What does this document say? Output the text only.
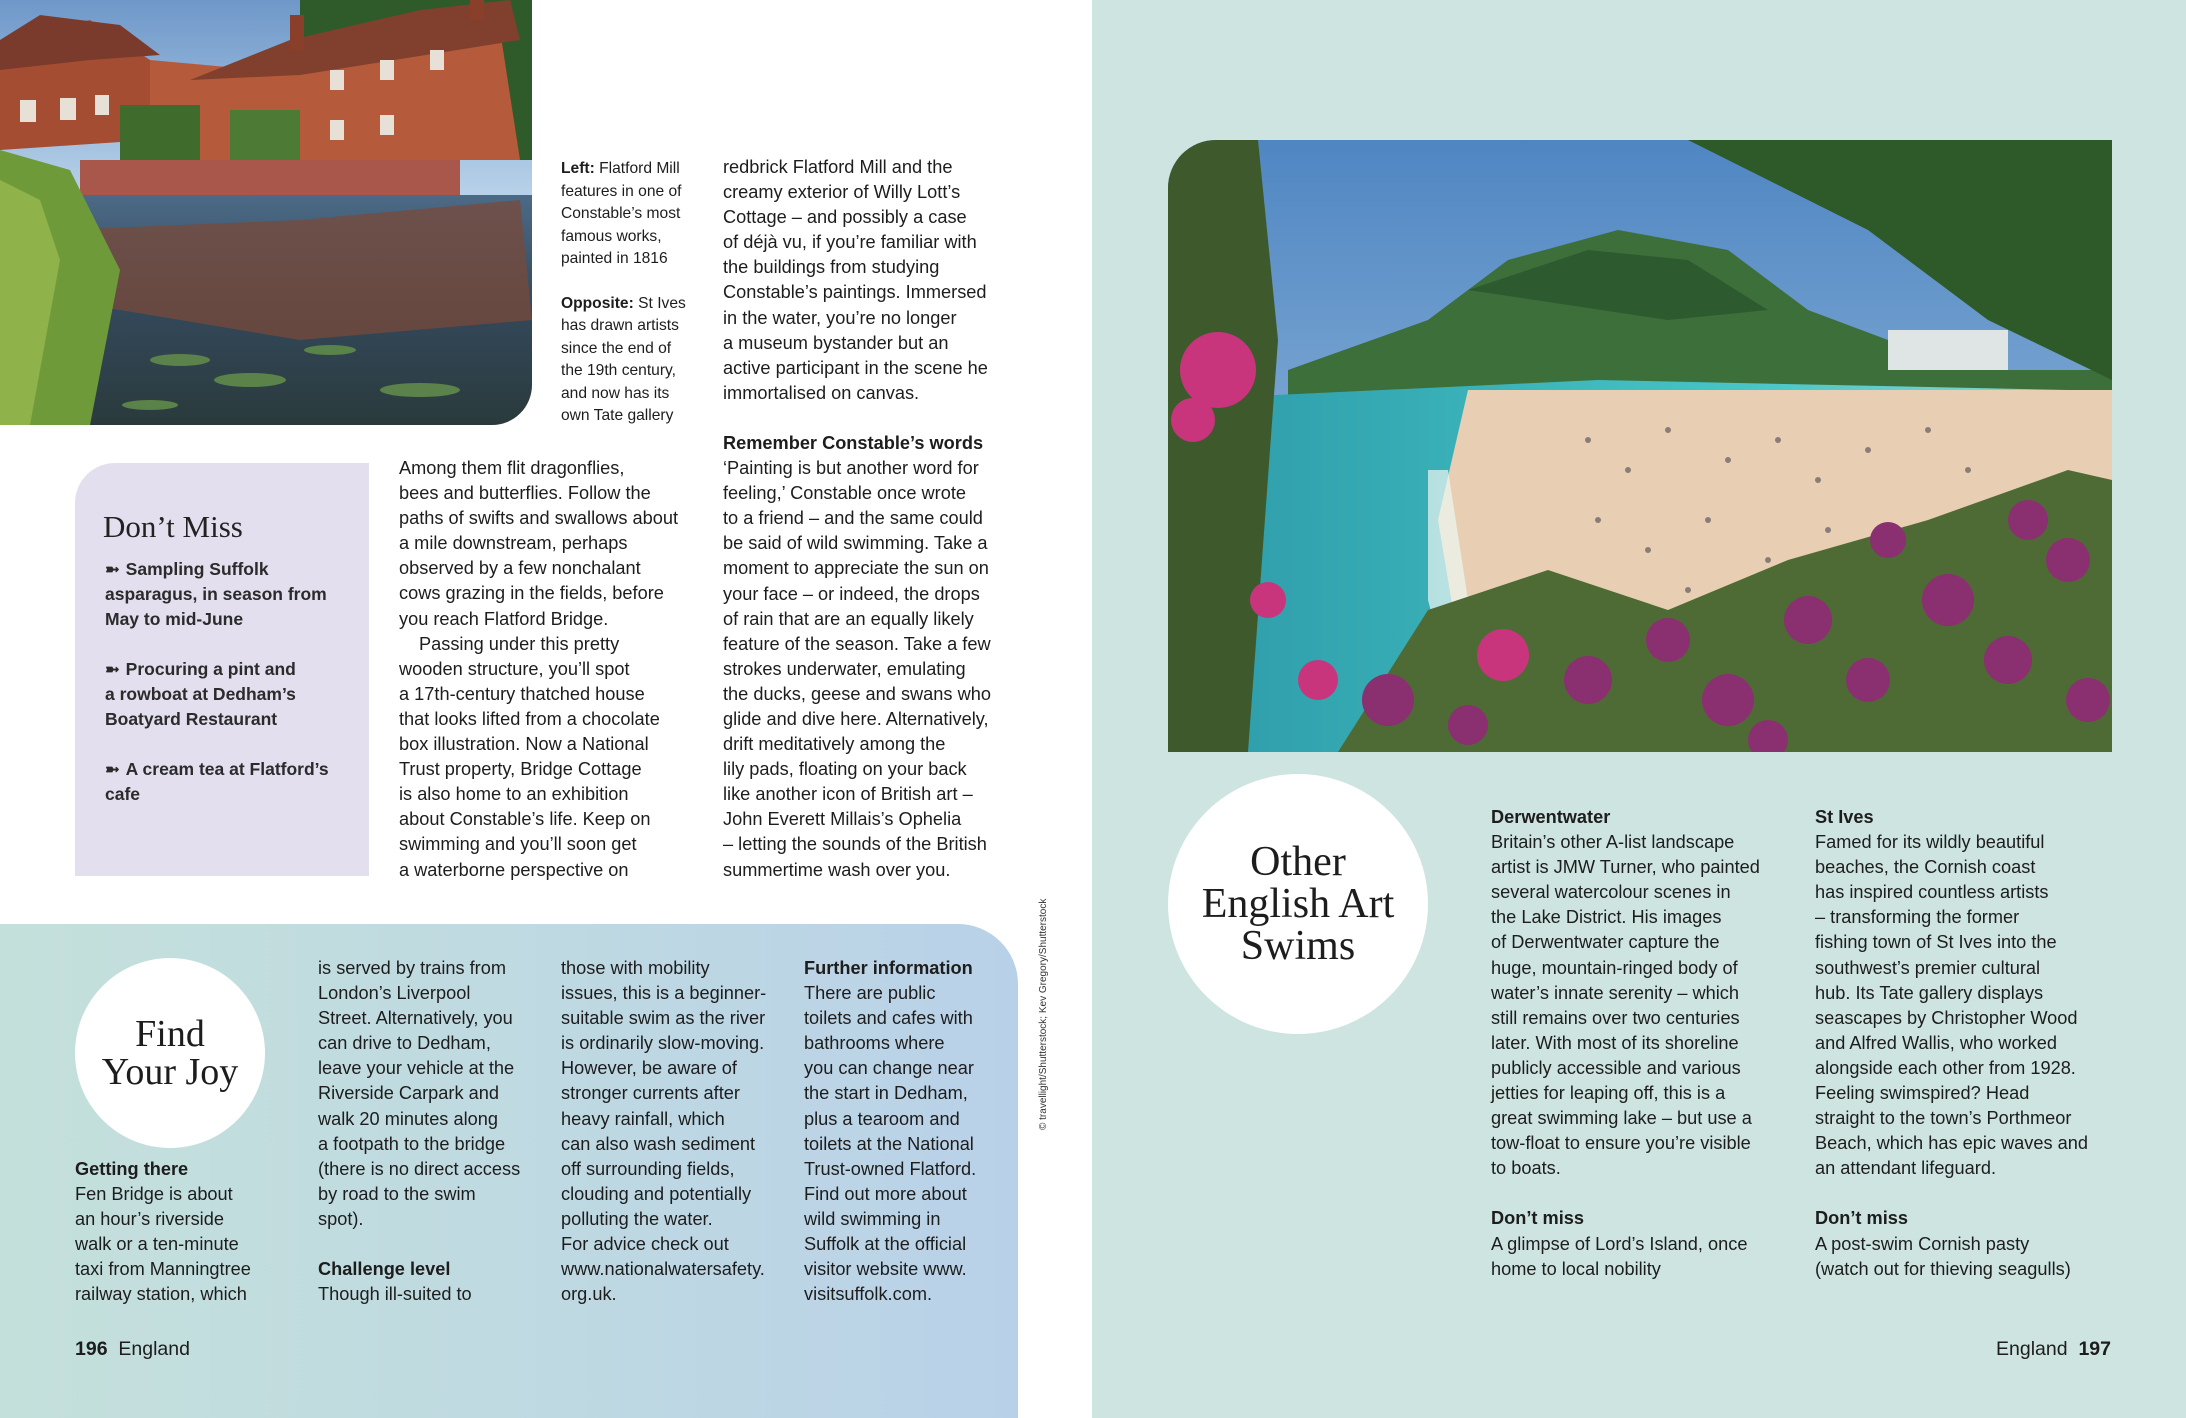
Left: Flatford Mill
features in one of
Constable’s most
famous works,
painted in 1816
Opposite: St Ives
has drawn artists
since the end of
the 19th century,
and now has its
own Tate gallery

redbrick Flatford Mill and the

creamy exterior of Willy Lott’s

Cottage – and possibly a case

of déjà vu, if you’re familiar with

the buildings from studying

Constable’s paintings. Immersed

in the water, you’re no longer

a museum bystander but an

active participant in the scene he

immortalised on canvas.

Remember Constable’s words

‘Painting is but another word for

feeling,’ Constable once wrote

to a friend – and the same could

be said of wild swimming. Take a

moment to appreciate the sun on

your face – or indeed, the drops

of rain that are an equally likely

feature of the season. Take a few

strokes underwater, emulating

the ducks, geese and swans who

glide and dive here. Alternatively,

drift meditatively among the

lily pads, floating on your back

like another icon of British art –

John Everett Millais’s Ophelia

– letting the sounds of the British

summertime wash over you.

Among them flit dragonflies,

bees and butterflies. Follow the

paths of swifts and swallows about

a mile downstream, perhaps

observed by a few nonchalant

cows grazing in the fields, before

you reach Flatford Bridge.

Passing under this pretty

wooden structure, you’ll spot

a 17th-century thatched house

that looks lifted from a chocolate

box illustration. Now a National

Trust property, Bridge Cottage

is also home to an exhibition

about Constable’s life. Keep on

swimming and you’ll soon get

a waterborne perspective on

Don’t Miss
➼ Sampling Suffolk
asparagus, in season from
May to mid-June
➼ Procuring a pint and
a rowboat at Dedham’s
Boatyard Restaurant
➼ A cream tea at Flatford’s
cafe
Find
Your Joy

Getting there

Fen Bridge is about

an hour’s riverside

walk or a ten-minute

taxi from Manningtree

railway station, which

is served by trains from

London’s Liverpool

Street. Alternatively, you

can drive to Dedham,

leave your vehicle at the

Riverside Carpark and

walk 20 minutes along

a footpath to the bridge

(there is no direct access

by road to the swim

spot).

Challenge level

Though ill-suited to

those with mobility

issues, this is a beginner-

suitable swim as the river

is ordinarily slow-moving.

However, be aware of

stronger currents after

heavy rainfall, which

can also wash sediment

off surrounding fields,

clouding and potentially

polluting the water.

For advice check out

www.nationalwatersafety.

org.uk.

Further information

There are public

toilets and cafes with

bathrooms where

you can change near

the start in Dedham,

plus a tearoom and

toilets at the National

Trust-owned Flatford.

Find out more about

wild swimming in

Suffolk at the official

visitor website www.

visitsuffolk.com.

© travellight/Shutterstock; Kev Gregory/Shutterstock
196 England
Other
English Art
Swims

Derwentwater

Britain’s other A-list landscape

artist is JMW Turner, who painted

several watercolour scenes in

the Lake District. His images

of Derwentwater capture the

huge, mountain-ringed body of

water’s innate serenity – which

still remains over two centuries

later. With most of its shoreline

publicly accessible and various

jetties for leaping off, this is a

great swimming lake – but use a

tow-float to ensure you’re visible

to boats.

Don’t miss

A glimpse of Lord’s Island, once

home to local nobility

St Ives

Famed for its wildly beautiful

beaches, the Cornish coast

has inspired countless artists

– transforming the former

fishing town of St Ives into the

southwest’s premier cultural

hub. Its Tate gallery displays

seascapes by Christopher Wood

and Alfred Wallis, who worked

alongside each other from 1928.

Feeling swimspired? Head

straight to the town’s Porthmeor

Beach, which has epic waves and

an attendant lifeguard.

Don’t miss

A post-swim Cornish pasty

(watch out for thieving seagulls)

England 197
